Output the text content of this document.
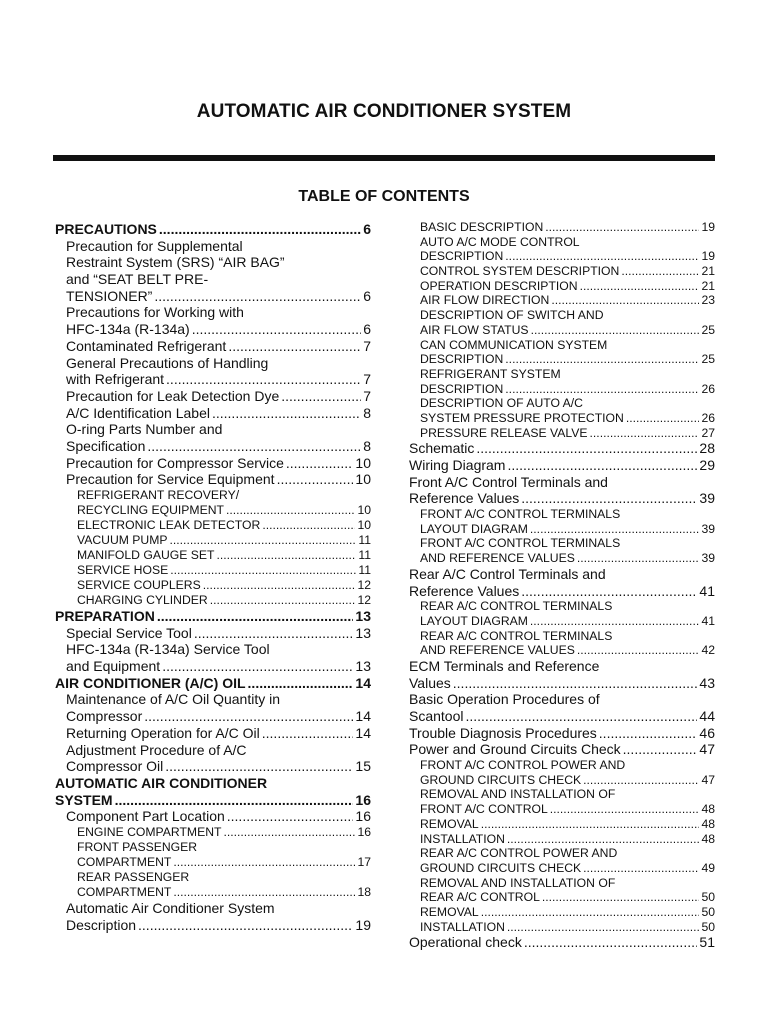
AUTOMATIC AIR CONDITIONER SYSTEM
TABLE OF CONTENTS
PRECAUTIONS .....	6
Precaution for Supplemental
Restraint System (SRS) “AIR BAG”
and “SEAT BELT PRE-
TENSIONER” .....	6
Precautions for Working with
HFC-134a (R-134a) .....	6
Contaminated Refrigerant .....	7
General Precautions of Handling
with Refrigerant .....	7
Precaution for Leak Detection Dye .....	7
A/C Identification Label .....	8
O-ring Parts Number and
Specification .....	8
Precaution for Compressor Service .....	10
Precaution for Service Equipment .....	10
REFRIGERANT RECOVERY/
RECYCLING EQUIPMENT .....	10
ELECTRONIC LEAK DETECTOR .....	10
VACUUM PUMP .....	11
MANIFOLD GAUGE SET .....	11
SERVICE HOSE .....	11
SERVICE COUPLERS .....	12
CHARGING CYLINDER .....	12
PREPARATION .....	13
Special Service Tool .....	13
HFC-134a (R-134a) Service Tool
and Equipment .....	13
AIR CONDITIONER (A/C) OIL .....	14
Maintenance of A/C Oil Quantity in
Compressor .....	14
Returning Operation for A/C Oil .....	14
Adjustment Procedure of A/C
Compressor Oil .....	15
AUTOMATIC AIR CONDITIONER
SYSTEM .....	16
Component Part Location .....	16
ENGINE COMPARTMENT .....	16
FRONT PASSENGER
COMPARTMENT .....	17
REAR PASSENGER
COMPARTMENT .....	18
Automatic Air Conditioner System
Description .....	19
BASIC DESCRIPTION .....	19
AUTO A/C MODE CONTROL
DESCRIPTION .....	19
CONTROL SYSTEM DESCRIPTION .....	21
OPERATION DESCRIPTION .....	21
AIR FLOW DIRECTION .....	23
DESCRIPTION OF SWITCH AND
AIR FLOW STATUS .....	25
CAN COMMUNICATION SYSTEM
DESCRIPTION .....	25
REFRIGERANT SYSTEM
DESCRIPTION .....	26
DESCRIPTION OF AUTO A/C
SYSTEM PRESSURE PROTECTION .....	26
PRESSURE RELEASE VALVE .....	27
Schematic .....	28
Wiring Diagram .....	29
Front A/C Control Terminals and
Reference Values .....	39
FRONT A/C CONTROL TERMINALS
LAYOUT DIAGRAM .....	39
FRONT A/C CONTROL TERMINALS
AND REFERENCE VALUES .....	39
Rear A/C Control Terminals and
Reference Values .....	41
REAR A/C CONTROL TERMINALS
LAYOUT DIAGRAM .....	41
REAR A/C CONTROL TERMINALS
AND REFERENCE VALUES .....	42
ECM Terminals and Reference
Values .....	43
Basic Operation Procedures of
Scantool .....	44
Trouble Diagnosis Procedures .....	46
Power and Ground Circuits Check .....	47
FRONT A/C CONTROL POWER AND
GROUND CIRCUITS CHECK .....	47
REMOVAL AND INSTALLATION OF
FRONT A/C CONTROL .....	48
REMOVAL .....	48
INSTALLATION .....	48
REAR A/C CONTROL POWER AND
GROUND CIRCUITS CHECK .....	49
REMOVAL AND INSTALLATION OF
REAR A/C CONTROL .....	50
REMOVAL .....	50
INSTALLATION .....	50
Operational check .....	51
